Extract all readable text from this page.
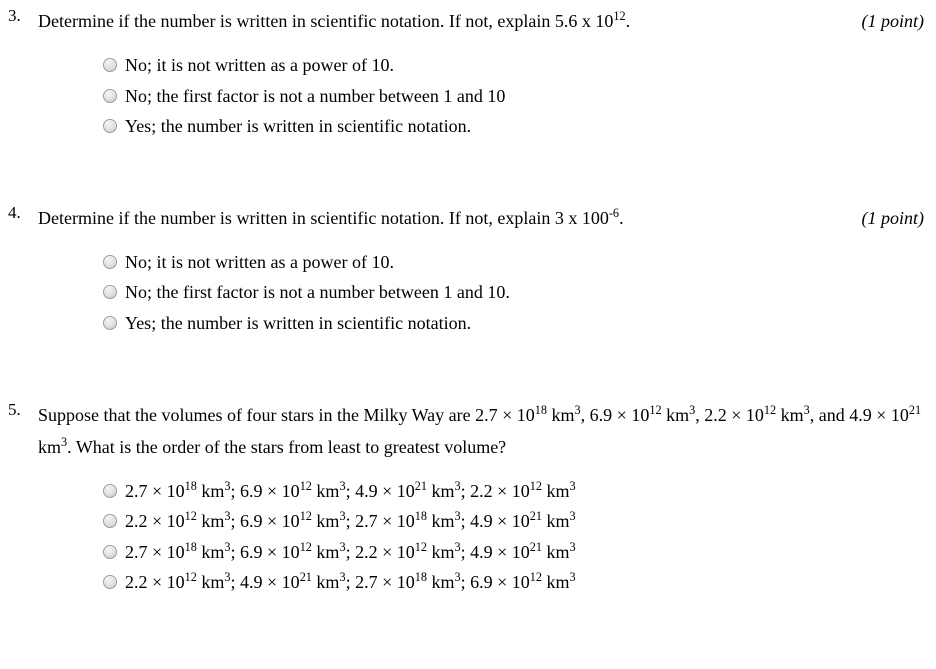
3. Determine if the number is written in scientific notation. If not, explain 5.6 x $10^{12}$.	(1 point)
No; it is not written as a power of 10.
No; the first factor is not a number between 1 and 10
Yes; the number is written in scientific notation.
4. Determine if the number is written in scientific notation. If not, explain 3 x $100^{-6}$.	(1 point)
No; it is not written as a power of 10.
No; the first factor is not a number between 1 and 10.
Yes; the number is written in scientific notation.
5. Suppose that the volumes of four stars in the Milky Way are $2.7 \times 10^{18}$ $km^3$, $6.9 \times 10^{12}$ $km^3$, $2.2 \times 10^{12}$ $km^3$, and $4.9 \times 10^{21}$ $km^3$. What is the order of the stars from least to greatest volume?
$2.7 \times 10^{18}$ $km^3$; $6.9 \times 10^{12}$ $km^3$; $4.9 \times 10^{21}$ $km^3$; $2.2 \times 10^{12}$ $km^3$
$2.2 \times 10^{12}$ $km^3$; $6.9 \times 10^{12}$ $km^3$; $2.7 \times 10^{18}$ $km^3$; $4.9 \times 10^{21}$ $km^3$
$2.7 \times 10^{18}$ $km^3$; $6.9 \times 10^{12}$ $km^3$; $2.2 \times 10^{12}$ $km^3$; $4.9 \times 10^{21}$ $km^3$
$2.2 \times 10^{12}$ $km^3$; $4.9 \times 10^{21}$ $km^3$; $2.7 \times 10^{18}$ $km^3$; $6.9 \times 10^{12}$ $km^3$
